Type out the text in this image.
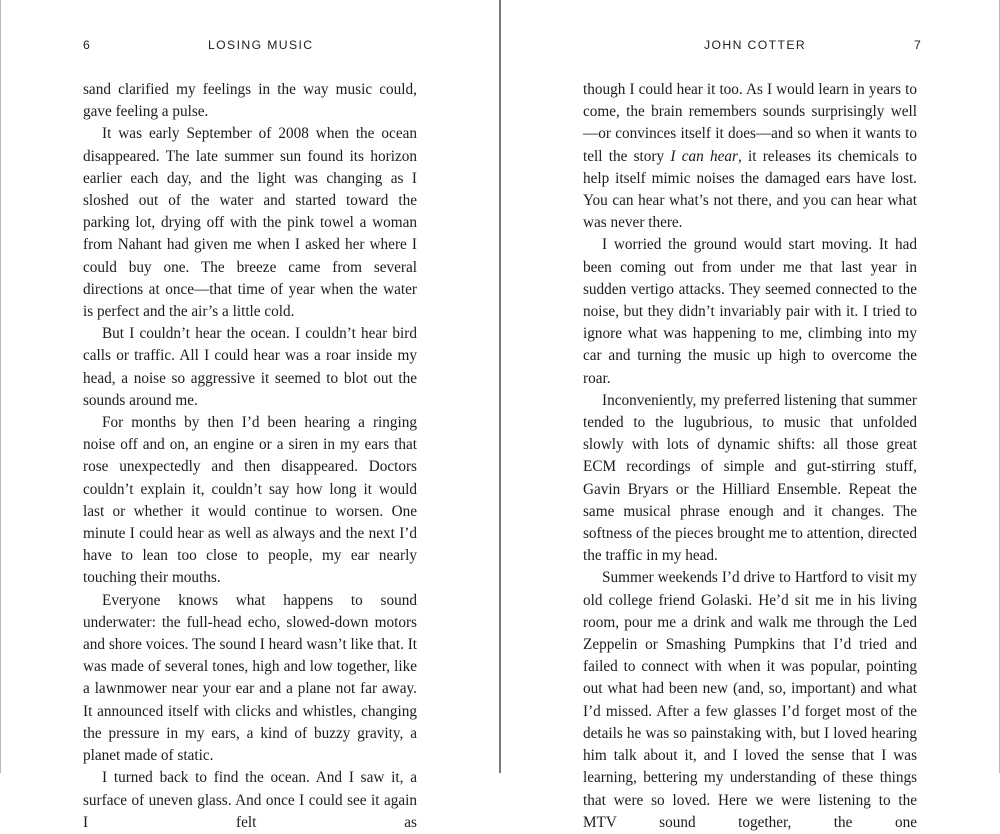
6	LOSING MUSIC

sand clarified my feelings in the way music could, gave feeling a pulse.

It was early September of 2008 when the ocean disappeared. The late summer sun found its horizon earlier each day, and the light was changing as I sloshed out of the water and started toward the parking lot, drying off with the pink towel a woman from Nahant had given me when I asked her where I could buy one. The breeze came from several directions at once—that time of year when the water is perfect and the air’s a little cold.

But I couldn’t hear the ocean. I couldn’t hear bird calls or traffic. All I could hear was a roar inside my head, a noise so aggressive it seemed to blot out the sounds around me.

For months by then I’d been hearing a ringing noise off and on, an engine or a siren in my ears that rose unexpectedly and then disappeared. Doctors couldn’t explain it, couldn’t say how long it would last or whether it would continue to worsen. One minute I could hear as well as always and the next I’d have to lean too close to people, my ear nearly touching their mouths.

Everyone knows what happens to sound underwater: the full-head echo, slowed-down motors and shore voices. The sound I heard wasn’t like that. It was made of several tones, high and low together, like a lawnmower near your ear and a plane not far away. It announced itself with clicks and whistles, changing the pressure in my ears, a kind of buzzy gravity, a planet made of static.

I turned back to find the ocean. And I saw it, a surface of uneven glass. And once I could see it again I felt as

JOHN COTTER	7

though I could hear it too. As I would learn in years to come, the brain remembers sounds surprisingly well—or convinces itself it does—and so when it wants to tell the story I can hear, it releases its chemicals to help itself mimic noises the damaged ears have lost. You can hear what’s not there, and you can hear what was never there.

I worried the ground would start moving. It had been coming out from under me that last year in sudden vertigo attacks. They seemed connected to the noise, but they didn’t invariably pair with it. I tried to ignore what was happening to me, climbing into my car and turning the music up high to overcome the roar.

Inconveniently, my preferred listening that summer tended to the lugubrious, to music that unfolded slowly with lots of dynamic shifts: all those great ECM recordings of simple and gut-stirring stuff, Gavin Bryars or the Hilliard Ensemble. Repeat the same musical phrase enough and it changes. The softness of the pieces brought me to attention, directed the traffic in my head.

Summer weekends I’d drive to Hartford to visit my old college friend Golaski. He’d sit me in his living room, pour me a drink and walk me through the Led Zeppelin or Smashing Pumpkins that I’d tried and failed to connect with when it was popular, pointing out what had been new (and, so, important) and what I’d missed. After a few glasses I’d forget most of the details he was so painstaking with, but I loved hearing him talk about it, and I loved the sense that I was learning, bettering my understanding of these things that were so loved. Here we were listening to the MTV sound together, the one
